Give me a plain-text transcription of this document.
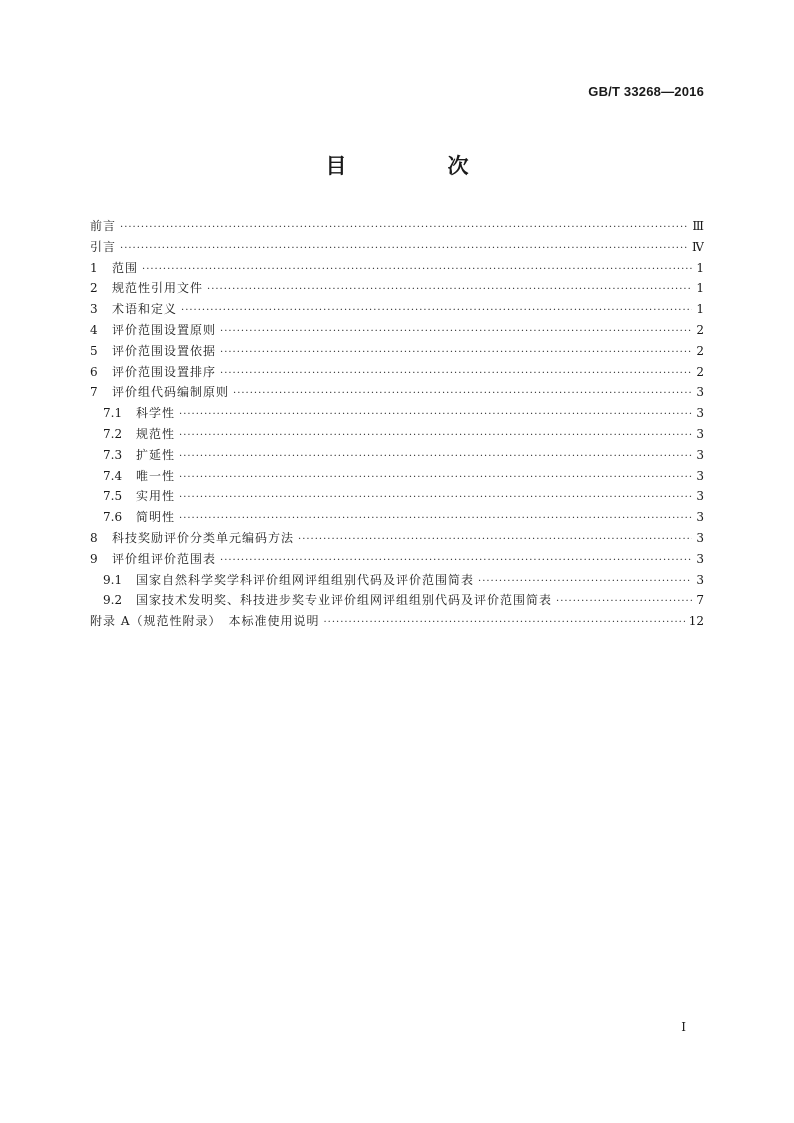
GB/T 33268—2016
目　次
前言 ·····	Ⅲ
引言 ·····	Ⅳ
1	范围 ·····	1
2	规范性引用文件 ·····	1
3	术语和定义 ·····	1
4	评价范围设置原则 ·····	2
5	评价范围设置依据 ·····	2
6	评价范围设置排序 ·····	2
7	评价组代码编制原则 ·····	3
7.1	科学性 ·····	3
7.2	规范性 ·····	3
7.3	扩延性 ·····	3
7.4	唯一性 ·····	3
7.5	实用性 ·····	3
7.6	简明性 ·····	3
8	科技奖励评价分类单元编码方法 ·····	3
9	评价组评价范围表 ·····	3
9.1	国家自然科学奖学科评价组网评组组别代码及评价范围简表 ·····	3
9.2	国家技术发明奖、科技进步奖专业评价组网评组组别代码及评价范围简表 ·····	7
附录 A（规范性附录）　本标准使用说明 ·····	12
I
